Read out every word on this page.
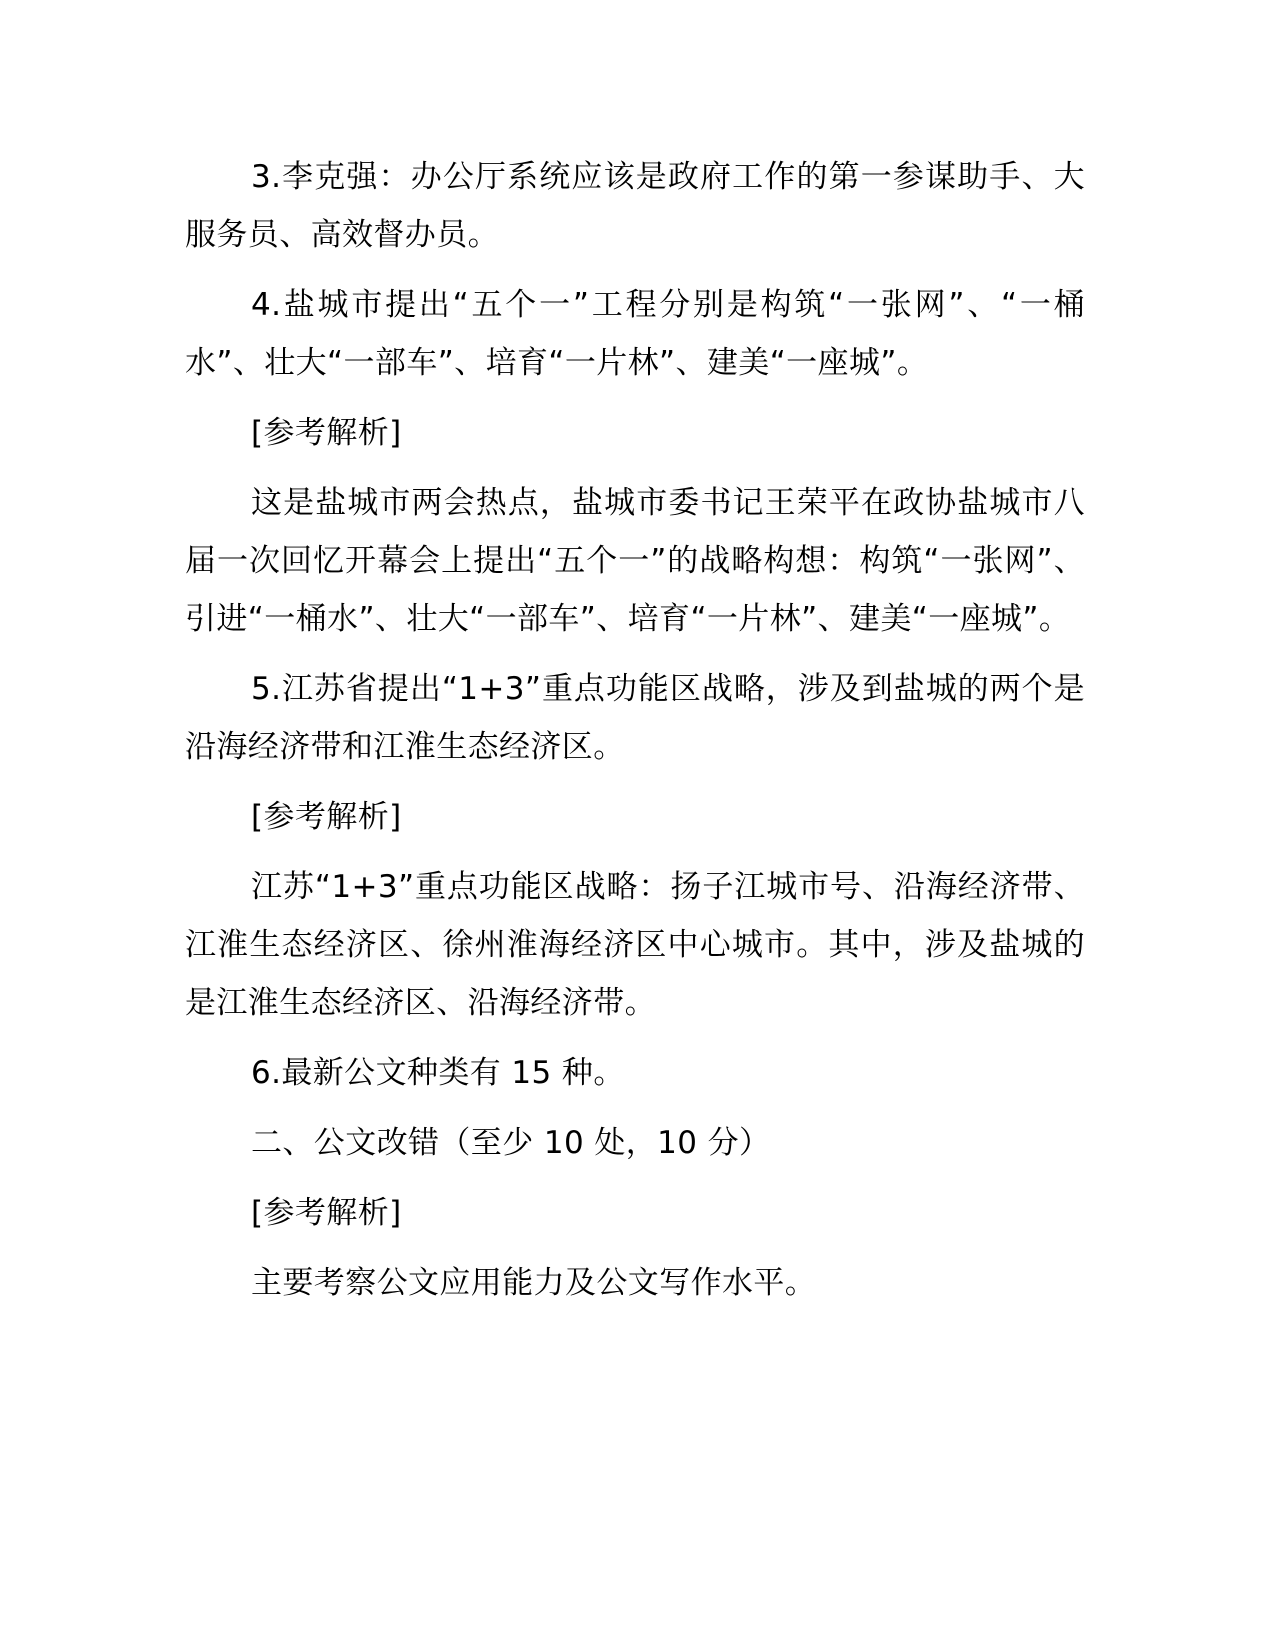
3.李克强：办公厅系统应该是政府工作的第一参谋助手、大服务员、高效督办员。

4.盐城市提出“五个一”工程分别是构筑“一张网”、“一桶水”、壮大“一部车”、培育“一片林”、建美“一座城”。

[参考解析]

这是盐城市两会热点，盐城市委书记王荣平在政协盐城市八届一次回忆开幕会上提出“五个一”的战略构想：构筑“一张网”、引进“一桶水”、壮大“一部车”、培育“一片林”、建美“一座城”。

5.江苏省提出“1+3”重点功能区战略，涉及到盐城的两个是沿海经济带和江淮生态经济区。

[参考解析]

江苏“1+3”重点功能区战略：扬子江城市号、沿海经济带、江淮生态经济区、徐州淮海经济区中心城市。其中，涉及盐城的是江淮生态经济区、沿海经济带。

6.最新公文种类有 15 种。

二、公文改错（至少 10 处，10 分）

[参考解析]

主要考察公文应用能力及公文写作水平。
